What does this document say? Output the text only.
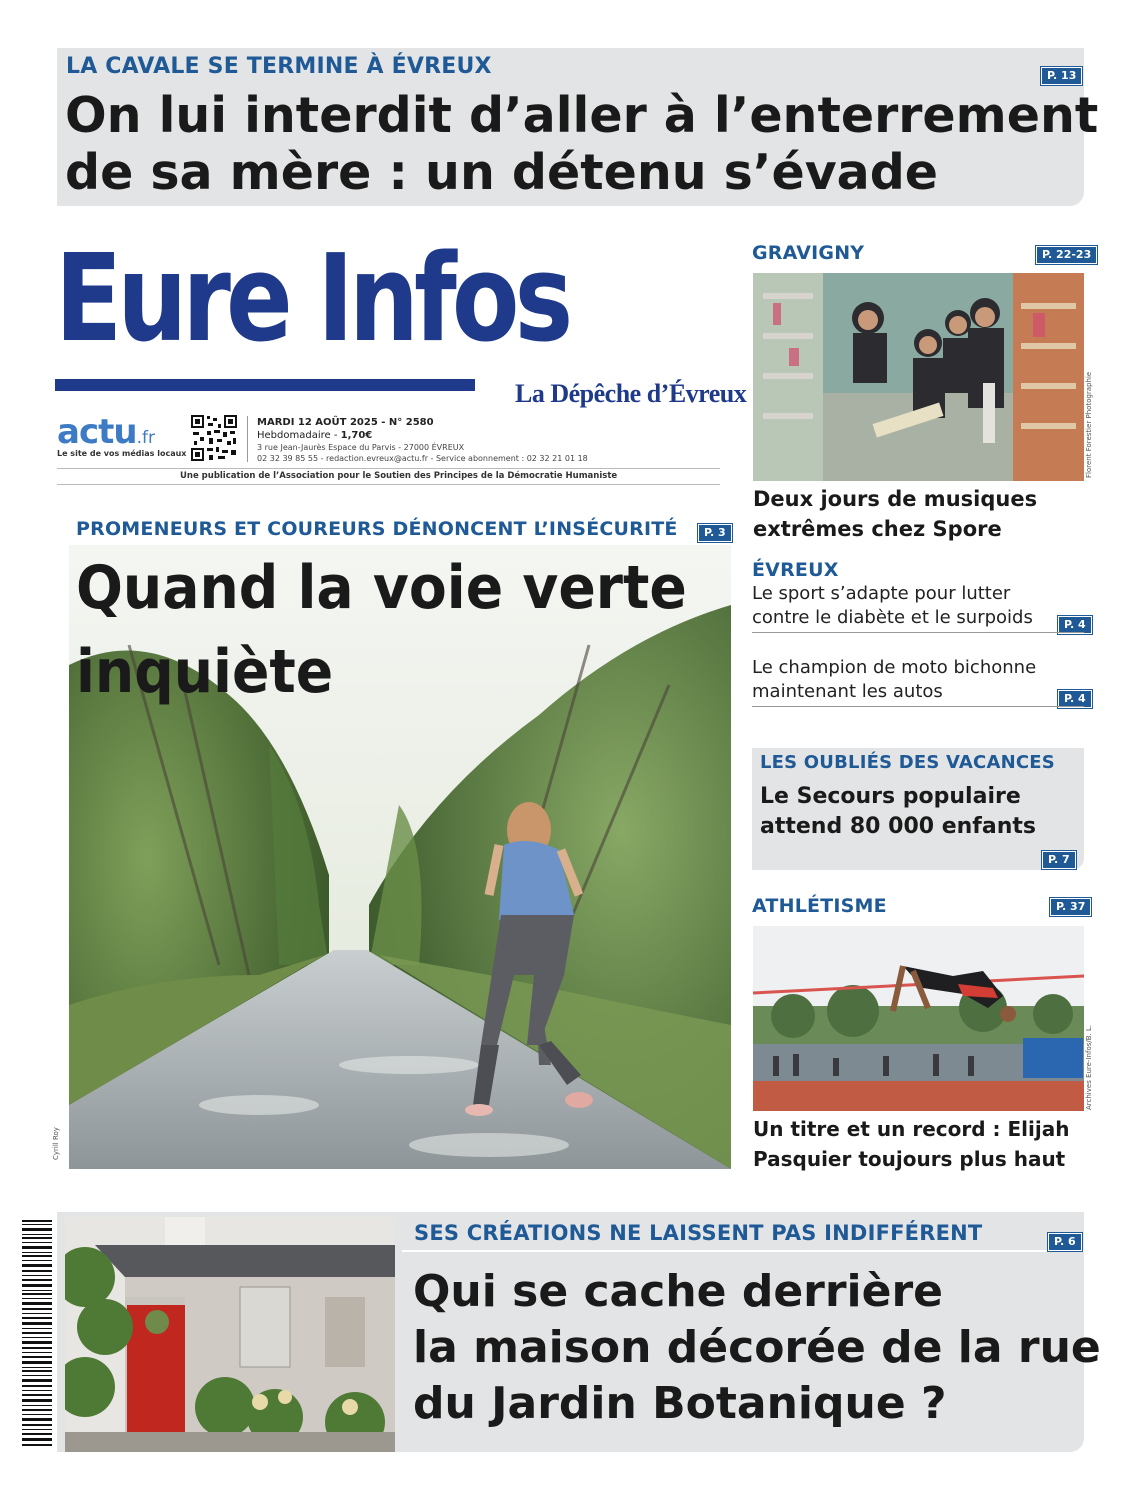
LA CAVALE SE TERMINE À ÉVREUX	P. 13
On lui interdit d’aller à l’enterrement
de sa mère : un détenu s’évade
Eure Infos
La Dépêche d’Évreux
actu.fr
Le site de vos médias locaux
MARDI 12 AOÛT 2025 - N° 2580
Hebdomadaire - 1,70€
3 rue Jean-Jaurès Espace du Parvis - 27000 ÉVREUX
02 32 39 85 55 - redaction.evreux@actu.fr - Service abonnement : 02 32 21 01 18
Une publication de l’Association pour le Soutien des Principes de la Démocratie Humaniste
PROMENEURS ET COUREURS DÉNONCENT L’INSÉCURITÉ	P. 3
Quand la voie verte
inquiète
Cyrill Roy
GRAVIGNY	P. 22-23
Florent Forestier Photographie
Deux jours de musiques
extrêmes chez Spore
ÉVREUX
Le sport s’adapte pour lutter
contre le diabète et le surpoids	P. 4
Le champion de moto bichonne
maintenant les autos	P. 4
LES OUBLIÉS DES VACANCES
Le Secours populaire
attend 80 000 enfants
P. 7
ATHLÉTISME	P. 37
Archives Eure-Infos/B. L.
Un titre et un record : Elijah
Pasquier toujours plus haut
SES CRÉATIONS NE LAISSENT PAS INDIFFÉRENT	P. 6
Qui se cache derrière
la maison décorée de la rue
du Jardin Botanique ?
